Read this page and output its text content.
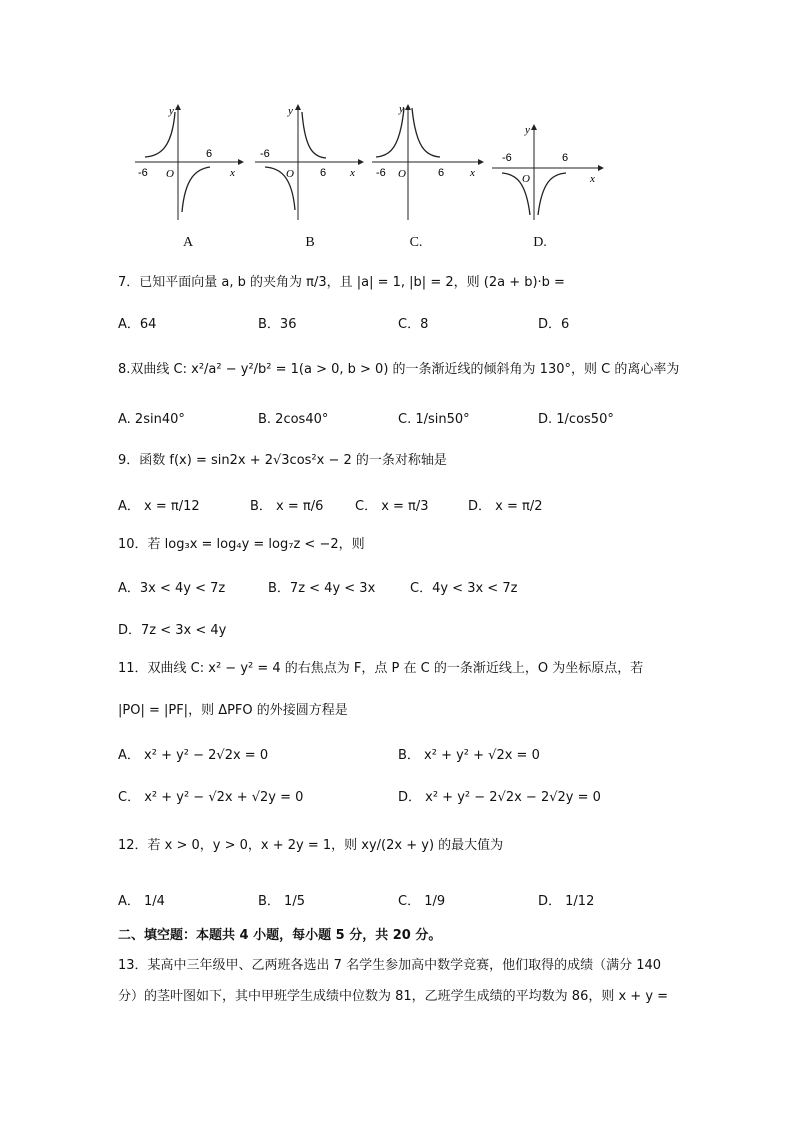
-6
6
O	x
y
A
-6
6
O	x
y
B
-6	6
O	x
y
C.
-6	6
O	x
y
D.
7．已知平面向量 a, b 的夹角为 π/3，且 |a| = 1, |b| = 2，则 (2a + b)·b =
A．64	B．36	C．8	D．6
8.双曲线 C: x²/a² − y²/b² = 1(a > 0, b > 0) 的一条渐近线的倾斜角为 130°，则 C 的离心率为
A. 2sin40°	B. 2cos40°	C. 1/sin50°	D. 1/cos50°
9．函数 f(x) = sin2x + 2√3cos²x − 2 的一条对称轴是
A． x = π/12	B． x = π/6 C． x = π/3	D． x = π/2
10．若 log₃x = log₄y = log₇z < −2，则
A．3x < 4y < 7z	B．7z < 4y < 3x	C．4y < 3x < 7z
D．7z < 3x < 4y
11．双曲线 C: x² − y² = 4 的右焦点为 F，点 P 在 C 的一条渐近线上，O 为坐标原点，若
|PO| = |PF|，则 ΔPFO 的外接圆方程是
A． x² + y² − 2√2x = 0	B． x² + y² + √2x = 0
C． x² + y² − √2x + √2y = 0	D． x² + y² − 2√2x − 2√2y = 0
12．若 x > 0，y > 0，x + 2y = 1，则 xy/(2x + y) 的最大值为
A． 1/4	B． 1/5	C． 1/9	D． 1/12
二、填空题：本题共 4 小题，每小题 5 分，共 20 分。
13．某高中三年级甲、乙两班各选出 7 名学生参加高中数学竞赛，他们取得的成绩（满分 140
分）的茎叶图如下，其中甲班学生成绩中位数为 81，乙班学生成绩的平均数为 86，则 x + y =
